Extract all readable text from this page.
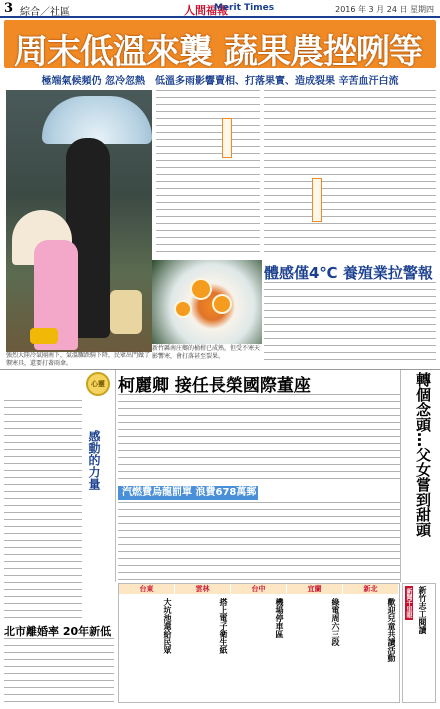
3 綜合／社區	人間福報
Merit Times	2016 年 3 月 24 日 星期四
周末低溫來襲 蔬果農挫咧等
極端氣候頻仍 忽冷忽熱　低溫多雨影響賣相、打落果實、造成裂果 辛苦血汗白流
強烈大陸冷氣團南下，氣溫驟跌騎下降，民眾出門做了禦寒具，還要打著雨傘。
新竹縣南庄鄉的桶柑已成熟，但受不寒天影響寒，會打落甚至裂果。
體感僅4℃ 養殖業拉警報
心靈
感動的力量
北市離婚率 20年新低
柯麗卿 接任長榮國際董座
汽燃費烏龍罰單 浪費678萬郵資	轉個念頭…父女嘗到甜頭
台東	雲林	台中	宜蘭	新北
大坑池還給民眾	搭上電子衛生紙	機場停車區	綠電周六三段	歡迎兒童共讀活動 新聞千里眼 新竹志工閱讀
